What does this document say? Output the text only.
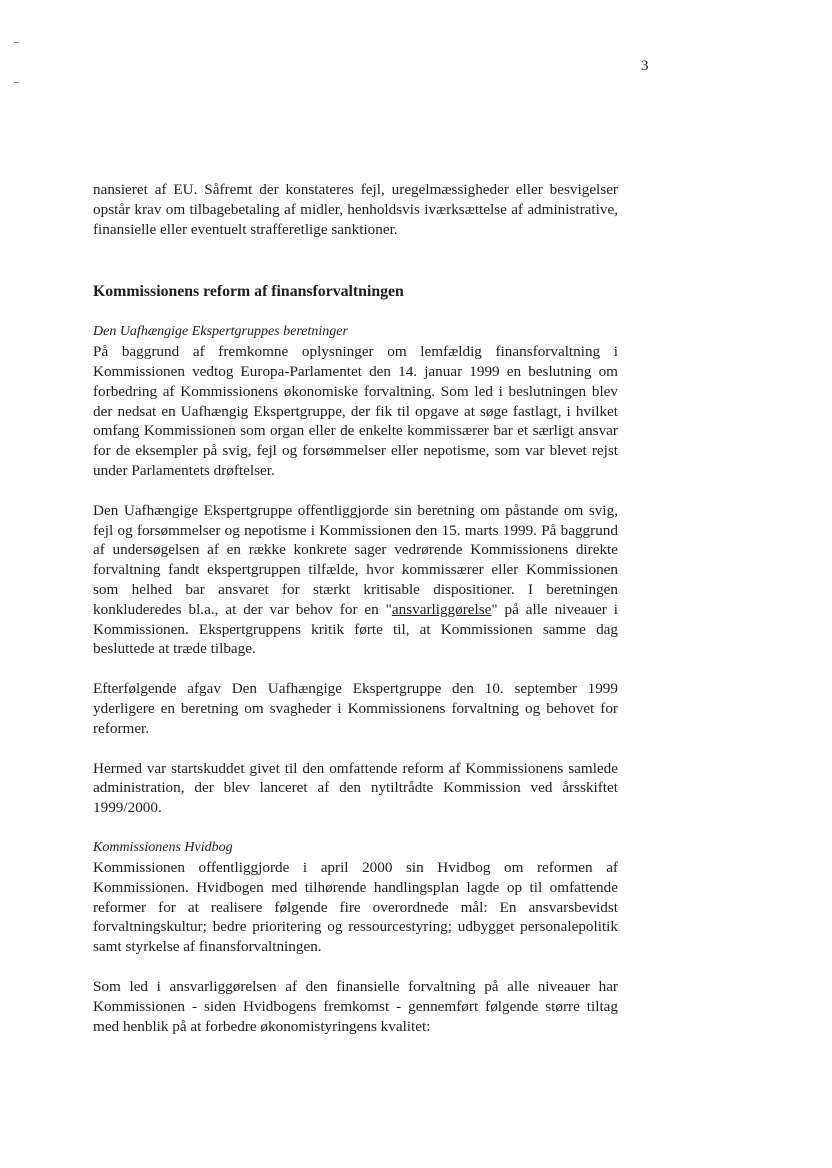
3

nansieret af EU. Såfremt der konstateres fejl, uregelmæssigheder eller besvigelser opstår krav om tilbagebetaling af midler, henholdsvis iværksættelse af administrative, finansielle eller eventuelt strafferetlige sanktioner.

Kommissionens reform af finansforvaltningen

Den Uafhængige Ekspertgruppes beretninger

På baggrund af fremkomne oplysninger om lemfældig finansforvaltning i Kommissionen vedtog Europa-Parlamentet den 14. januar 1999 en beslutning om forbedring af Kommissionens økonomiske forvaltning. Som led i beslutningen blev der nedsat en Uafhængig Ekspertgruppe, der fik til opgave at søge fastlagt, i hvilket omfang Kommissionen som organ eller de enkelte kommissærer bar et særligt ansvar for de eksempler på svig, fejl og forsømmelser eller nepotisme, som var blevet rejst under Parlamentets drøftelser.

Den Uafhængige Ekspertgruppe offentliggjorde sin beretning om påstande om svig, fejl og forsømmelser og nepotisme i Kommissionen den 15. marts 1999. På baggrund af undersøgelsen af en række konkrete sager vedrørende Kommissionens direkte forvaltning fandt ekspertgruppen tilfælde, hvor kommissærer eller Kommissionen som helhed bar ansvaret for stærkt kritisable dispositioner. I beretningen konkluderedes bl.a., at der var behov for en "ansvarliggørelse" på alle niveauer i Kommissionen. Ekspertgruppens kritik førte til, at Kommissionen samme dag besluttede at træde tilbage.

Efterfølgende afgav Den Uafhængige Ekspertgruppe den 10. september 1999 yderligere en beretning om svagheder i Kommissionens forvaltning og behovet for reformer.

Hermed var startskuddet givet til den omfattende reform af Kommissionens samlede administration, der blev lanceret af den nytiltrådte Kommission ved årsskiftet 1999/2000.

Kommissionens Hvidbog

Kommissionen offentliggjorde i april 2000 sin Hvidbog om reformen af Kommissionen. Hvidbogen med tilhørende handlingsplan lagde op til omfattende reformer for at realisere følgende fire overordnede mål: En ansvarsbevidst forvaltningskultur; bedre prioritering og ressourcestyring; udbygget personalepolitik samt styrkelse af finansforvaltningen.

Som led i ansvarliggørelsen af den finansielle forvaltning på alle niveauer har Kommissionen - siden Hvidbogens fremkomst - gennemført følgende større tiltag med henblik på at forbedre økonomistyringens kvalitet:
